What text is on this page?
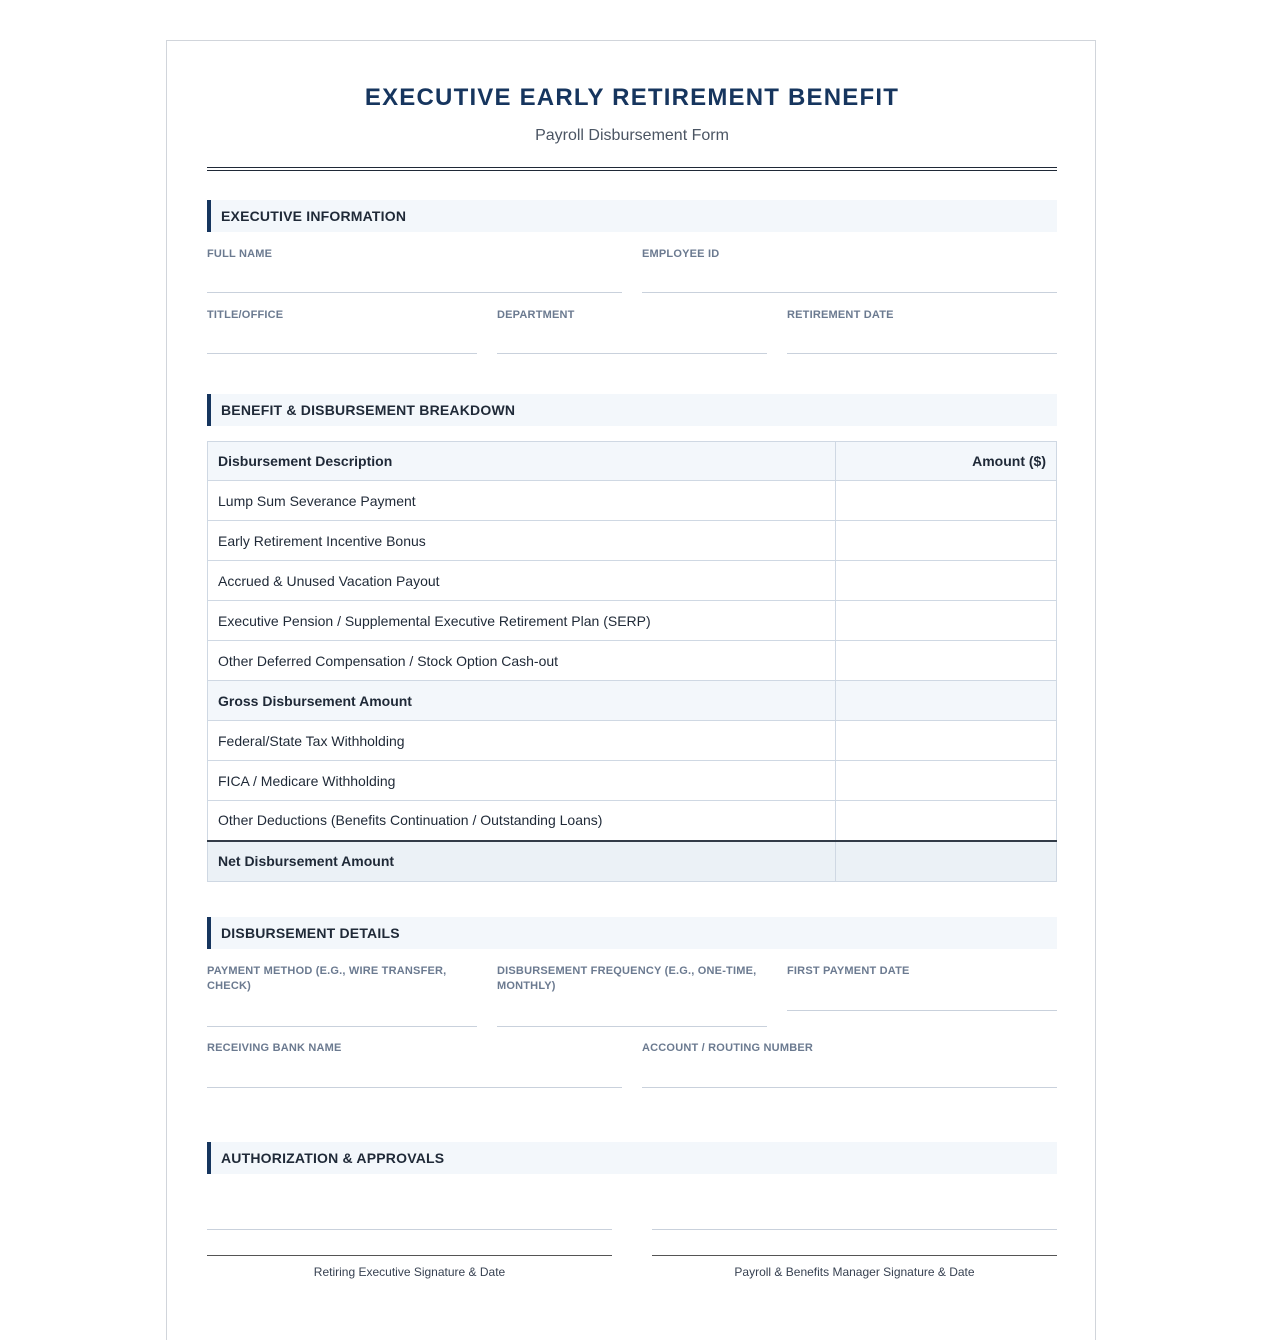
EXECUTIVE EARLY RETIREMENT BENEFIT
Payroll Disbursement Form
EXECUTIVE INFORMATION
FULL NAME	EMPLOYEE ID
TITLE/OFFICE	DEPARTMENT	RETIREMENT DATE
BENEFIT & DISBURSEMENT BREAKDOWN
Disbursement Description	Amount ($)
Lump Sum Severance Payment	
Early Retirement Incentive Bonus	
Accrued & Unused Vacation Payout	
Executive Pension / Supplemental Executive Retirement Plan (SERP)	
Other Deferred Compensation / Stock Option Cash-out	
Gross Disbursement Amount	
Federal/State Tax Withholding	
FICA / Medicare Withholding	
Other Deductions (Benefits Continuation / Outstanding Loans)	
Net Disbursement Amount	
DISBURSEMENT DETAILS
PAYMENT METHOD (E.G., WIRE TRANSFER, CHECK)
DISBURSEMENT FREQUENCY (E.G., ONE-TIME, MONTHLY)
FIRST PAYMENT DATE
RECEIVING BANK NAME	ACCOUNT / ROUTING NUMBER
AUTHORIZATION & APPROVALS
Retiring Executive Signature & Date	Payroll & Benefits Manager Signature & Date
